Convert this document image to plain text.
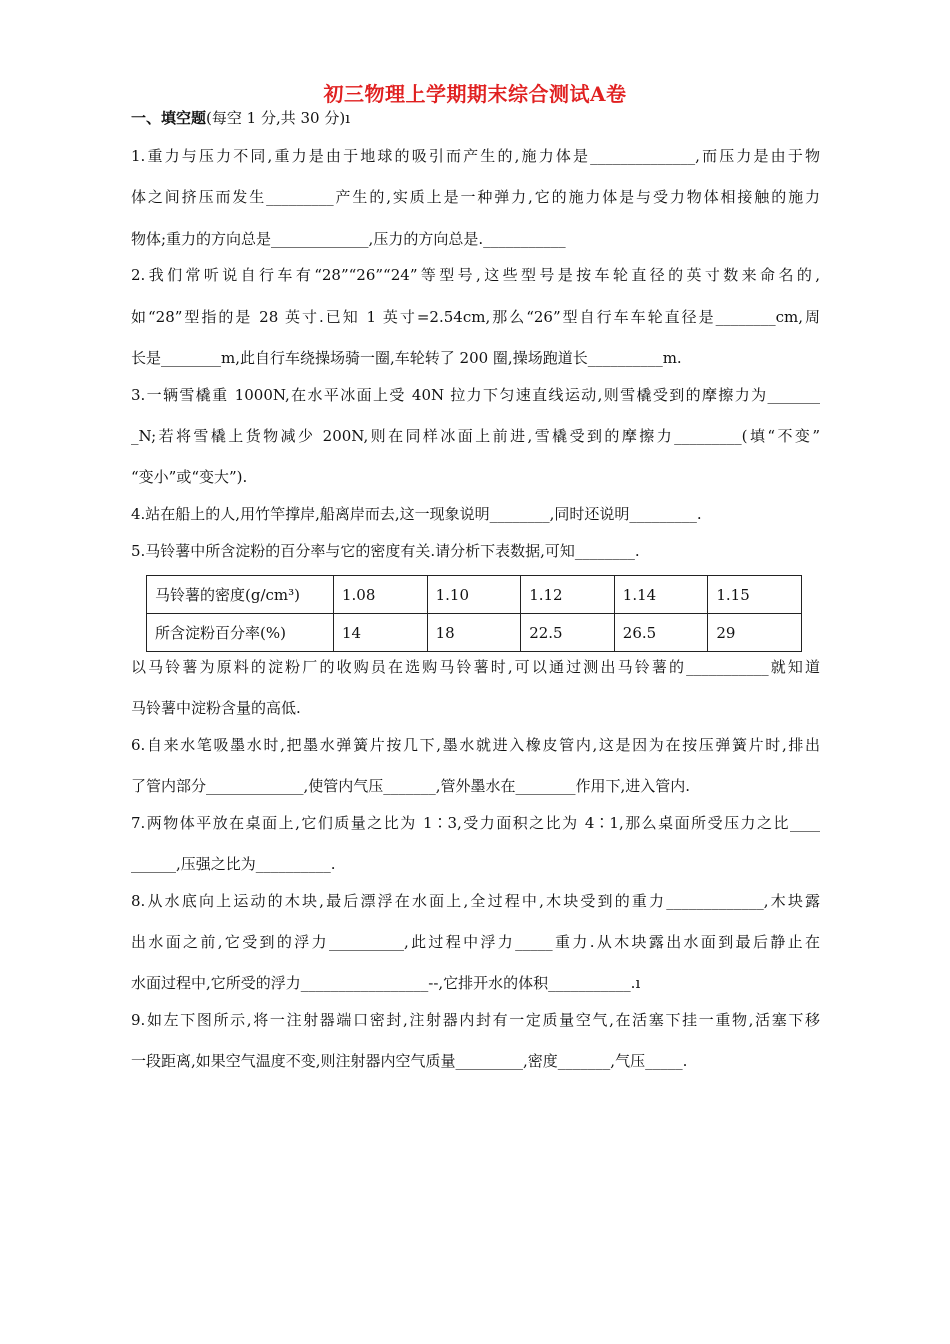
初三物理上学期期末综合测试A卷
一、填空题(每空 1 分,共 30 分)ı
1.重力与压力不同,重力是由于地球的吸引而产生的,施力体是______________,而压力是由于物
体之间挤压而发生_________产生的,实质上是一种弹力,它的施力体是与受力物体相接触的施力
物体;重力的方向总是_____________,压力的方向总是.___________
2.我们常听说自行车有“28”“26”“24”等型号,这些型号是按车轮直径的英寸数来命名的,
如“28”型指的是 28 英寸.已知 1 英寸=2.54cm,那么“26”型自行车车轮直径是________cm,周
长是________m,此自行车绕操场骑一圈,车轮转了 200 圈,操场跑道长__________m.
3.一辆雪橇重 1000N,在水平冰面上受 40N 拉力下匀速直线运动,则雪橇受到的摩擦力为_______
_N;若将雪橇上货物减少 200N,则在同样冰面上前进,雪橇受到的摩擦力_________(填“不变”
“变小”或“变大”).
4.站在船上的人,用竹竿撑岸,船离岸而去,这一现象说明________,同时还说明_________.
5.马铃薯中所含淀粉的百分率与它的密度有关.请分析下表数据,可知________.
马铃薯的密度(g/cm³)	1.08	1.10	1.12	1.14	1.15
所含淀粉百分率(%)	14	18	22.5	26.5	29
以马铃薯为原料的淀粉厂的收购员在选购马铃薯时,可以通过测出马铃薯的___________就知道
马铃薯中淀粉含量的高低.
6.自来水笔吸墨水时,把墨水弹簧片按几下,墨水就进入橡皮管内,这是因为在按压弹簧片时,排出
了管内部分_____________,使管内气压_______,管外墨水在________作用下,进入管内.
7.两物体平放在桌面上,它们质量之比为 1∶3,受力面积之比为 4∶1,那么桌面所受压力之比____
______,压强之比为__________.
8.从水底向上运动的木块,最后漂浮在水面上,全过程中,木块受到的重力_____________,木块露
出水面之前,它受到的浮力__________,此过程中浮力_____重力.从木块露出水面到最后静止在
水面过程中,它所受的浮力_________________--,它排开水的体积___________.ı
9.如左下图所示,将一注射器端口密封,注射器内封有一定质量空气,在活塞下挂一重物,活塞下移
一段距离,如果空气温度不变,则注射器内空气质量_________,密度_______,气压_____.
